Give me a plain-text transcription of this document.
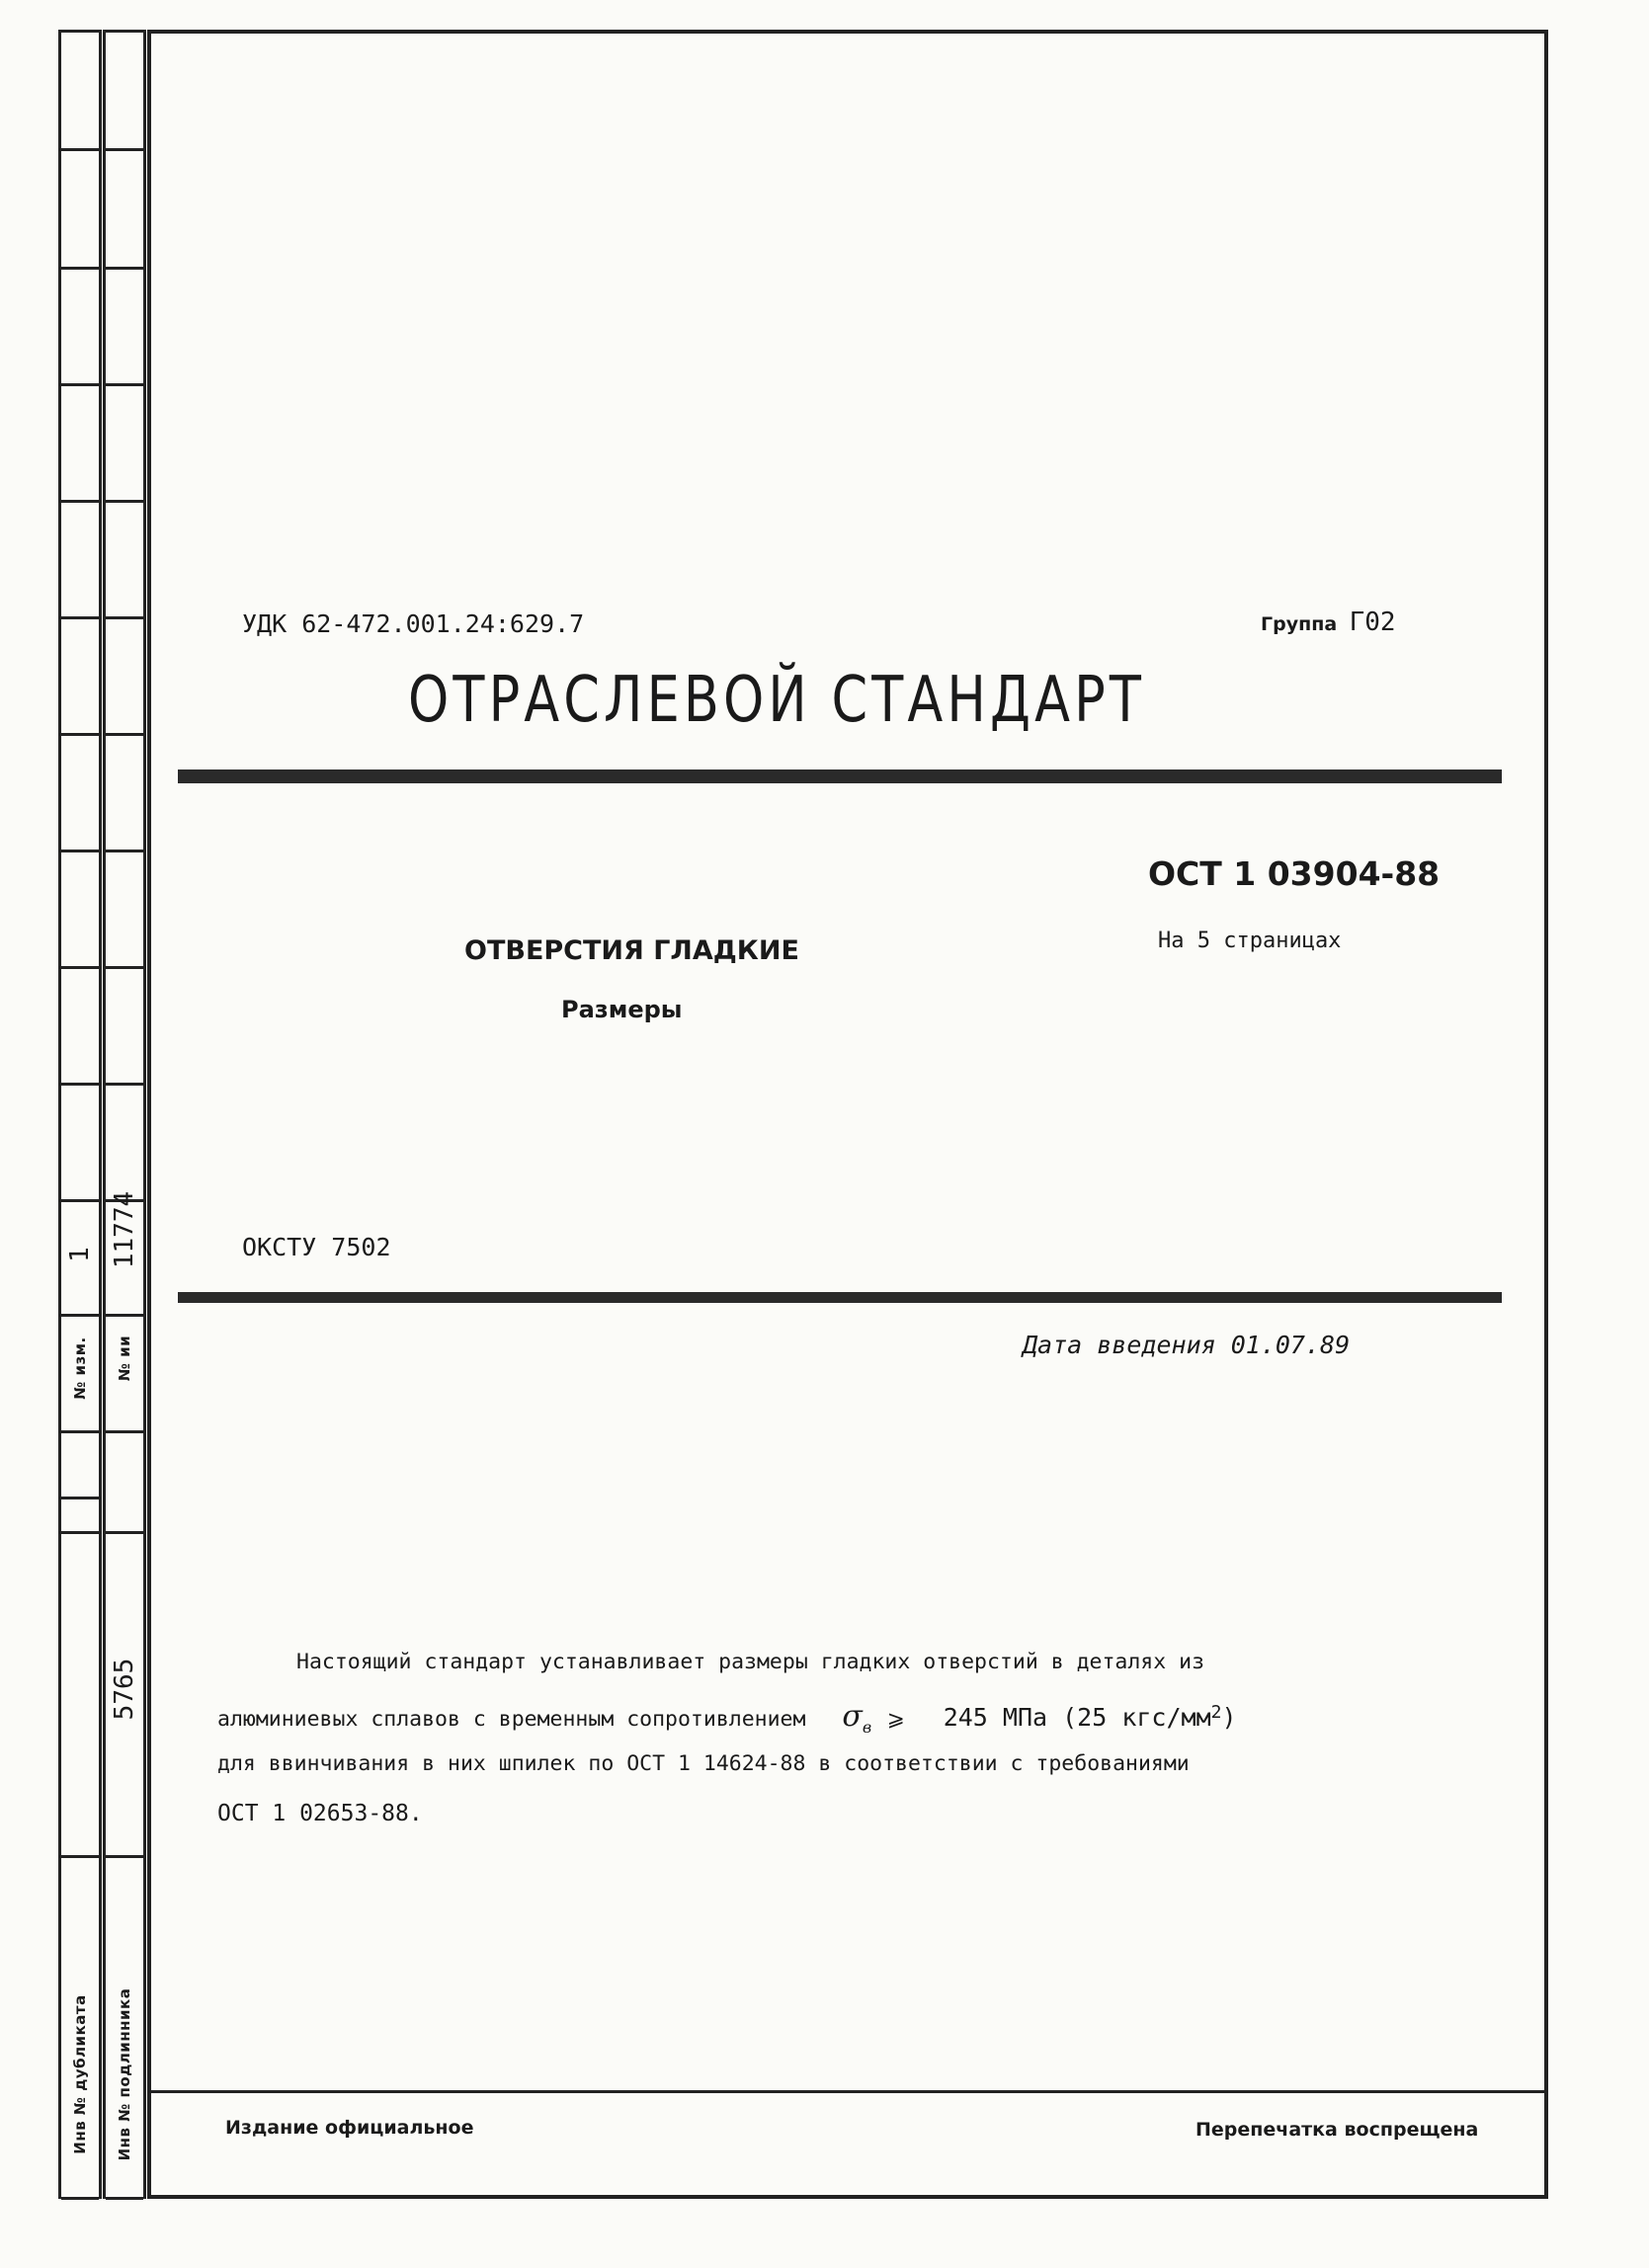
1
№ изм.
Инв № дубликата
11774
№ ии
5765
Инв № подлинника
УДК 62-472.001.24:629.7	Группа Г02
ОТРАСЛЕВОЙ СТАНДАРТ
ОСТ 1 03904-88
На 5 страницах
ОТВЕРСТИЯ ГЛАДКИЕ
Размеры
ОКСТУ 7502
Дата введения 01.07.89
Настоящий стандарт устанавливает размеры гладких отверстий в деталях из
алюминиевых сплавов с временным сопротивлением $\sigma_в$ ⩾ 245 МПа (25 кгс/$мм^2$)
для ввинчивания в них шпилек по ОСТ 1 14624-88 в соответствии с требованиями
ОСТ 1 02653-88.
Издание официальное	Перепечатка воспрещена
